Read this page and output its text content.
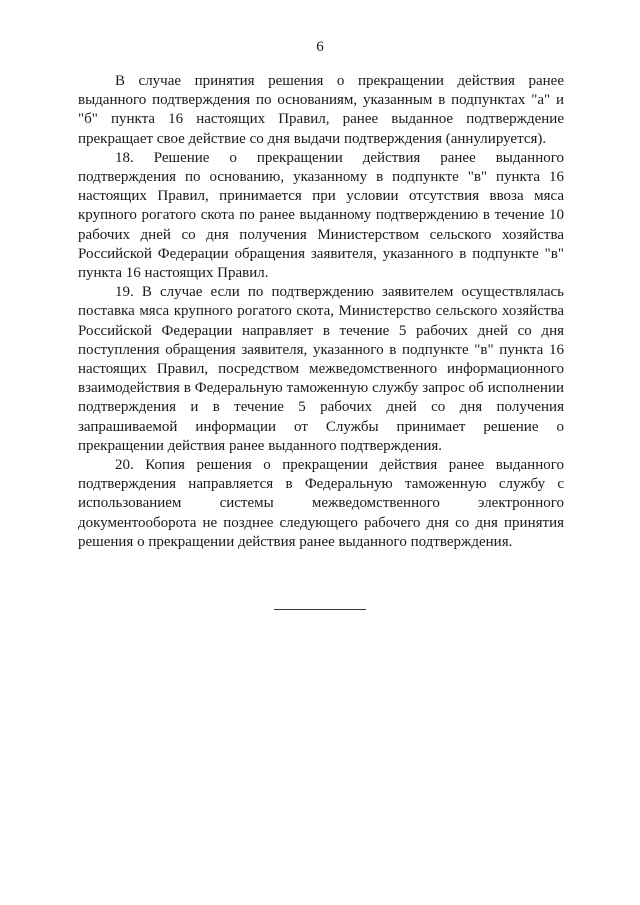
6

В случае принятия решения о прекращении действия ранее выданного подтверждения по основаниям, указанным в подпунктах "а" и "б" пункта 16 настоящих Правил, ранее выданное подтверждение прекращает свое действие со дня выдачи подтверждения (аннулируется).

18. Решение о прекращении действия ранее выданного подтверждения по основанию, указанному в подпункте "в" пункта 16 настоящих Правил, принимается при условии отсутствия ввоза мяса крупного рогатого скота по ранее выданному подтверждению в течение 10 рабочих дней со дня получения Министерством сельского хозяйства Российской Федерации обращения заявителя, указанного в подпункте "в" пункта 16 настоящих Правил.

19. В случае если по подтверждению заявителем осуществлялась поставка мяса крупного рогатого скота, Министерство сельского хозяйства Российской Федерации направляет в течение 5 рабочих дней со дня поступления обращения заявителя, указанного в подпункте "в" пункта 16 настоящих Правил, посредством межведомственного информационного взаимодействия в Федеральную таможенную службу запрос об исполнении подтверждения и в течение 5 рабочих дней со дня получения запрашиваемой информации от Службы принимает решение о прекращении действия ранее выданного подтверждения.

20. Копия решения о прекращении действия ранее выданного подтверждения направляется в Федеральную таможенную службу с использованием системы межведомственного электронного документооборота не позднее следующего рабочего дня со дня принятия решения о прекращении действия ранее выданного подтверждения.
